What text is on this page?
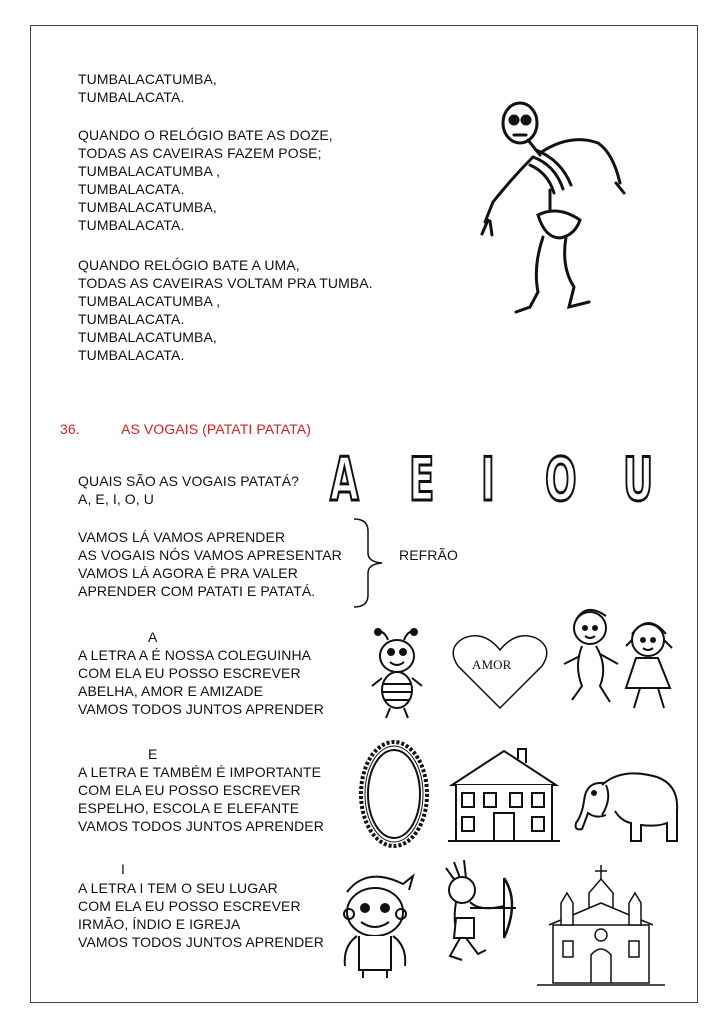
TUMBALACATUMBA,
TUMBALACATA.
QUANDO O RELÓGIO BATE AS DOZE,
TODAS AS CAVEIRAS FAZEM POSE;
TUMBALACATUMBA ,
TUMBALACATA.
TUMBALACATUMBA,
TUMBALACATA.
QUANDO RELÓGIO BATE A UMA,
TODAS AS CAVEIRAS VOLTAM PRA TUMBA.
TUMBALACATUMBA ,
TUMBALACATA.
TUMBALACATUMBA,
TUMBALACATA.
36.	AS VOGAIS (PATATI PATATA)
QUAIS SÃO AS VOGAIS PATATÁ?
A, E, I, O, U	A E I O U
VAMOS LÁ VAMOS APRENDER
AS VOGAIS NÓS VAMOS APRESENTAR
VAMOS LÁ AGORA É PRA VALER
APRENDER COM PATATI E PATATÁ.
REFRÃO
A
A LETRA A É NOSSA COLEGUINHA
COM ELA EU POSSO ESCREVER
ABELHA, AMOR E AMIZADE
VAMOS TODOS JUNTOS APRENDER
AMOR
E
A LETRA E TAMBÉM É IMPORTANTE
COM ELA EU POSSO ESCREVER
ESPELHO, ESCOLA E ELEFANTE
VAMOS TODOS JUNTOS APRENDER
I
A LETRA I TEM O SEU LUGAR
COM ELA EU POSSO ESCREVER
IRMÃO, ÍNDIO E IGREJA
VAMOS TODOS JUNTOS APRENDER
